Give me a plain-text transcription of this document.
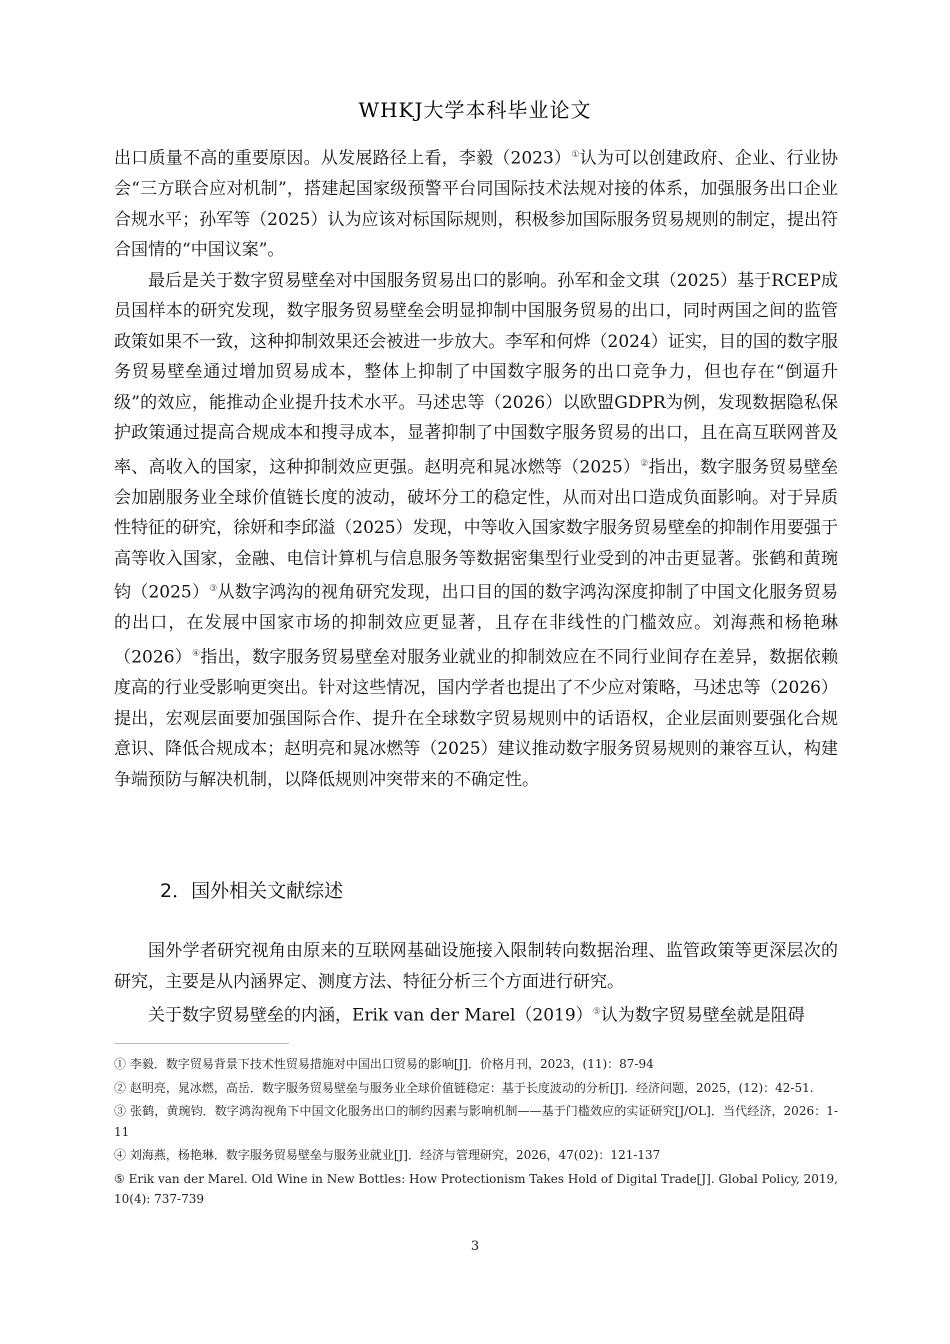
WHKJ大学本科毕业论文

出口质量不高的重要原因。从发展路径上看，李毅（2023）①认为可以创建政府、企业、行业协会“三方联合应对机制”，搭建起国家级预警平台同国际技术法规对接的体系，加强服务出口企业合规水平；孙军等（2025）认为应该对标国际规则，积极参加国际服务贸易规则的制定，提出符合国情的“中国议案”。

最后是关于数字贸易壁垒对中国服务贸易出口的影响。孙军和金文琪（2025）基于RCEP成员国样本的研究发现，数字服务贸易壁垒会明显抑制中国服务贸易的出口，同时两国之间的监管政策如果不一致，这种抑制效果还会被进一步放大。李军和何烨（2024）证实，目的国的数字服务贸易壁垒通过增加贸易成本，整体上抑制了中国数字服务的出口竞争力，但也存在“倒逼升级”的效应，能推动企业提升技术水平。马述忠等（2026）以欧盟GDPR为例，发现数据隐私保护政策通过提高合规成本和搜寻成本，显著抑制了中国数字服务贸易的出口，且在高互联网普及率、高收入的国家，这种抑制效应更强。赵明亮和晁冰燃等（2025）②指出，数字服务贸易壁垒会加剧服务业全球价值链长度的波动，破坏分工的稳定性，从而对出口造成负面影响。对于异质性特征的研究，徐妍和李邱溢（2025）发现，中等收入国家数字服务贸易壁垒的抑制作用要强于高等收入国家，金融、电信计算机与信息服务等数据密集型行业受到的冲击更显著。张鹤和黄琬钧（2025）③从数字鸿沟的视角研究发现，出口目的国的数字鸿沟深度抑制了中国文化服务贸易的出口，在发展中国家市场的抑制效应更显著，且存在非线性的门槛效应。刘海燕和杨艳琳（2026）④指出，数字服务贸易壁垒对服务业就业的抑制效应在不同行业间存在差异，数据依赖度高的行业受影响更突出。针对这些情况，国内学者也提出了不少应对策略，马述忠等（2026）提出，宏观层面要加强国际合作、提升在全球数字贸易规则中的话语权，企业层面则要强化合规意识、降低合规成本；赵明亮和晁冰燃等（2025）建议推动数字服务贸易规则的兼容互认，构建争端预防与解决机制，以降低规则冲突带来的不确定性。

2．国外相关文献综述

国外学者研究视角由原来的互联网基础设施接入限制转向数据治理、监管政策等更深层次的研究，主要是从内涵界定、测度方法、特征分析三个方面进行研究。

关于数字贸易壁垒的内涵，Erik van der Marel（2019）⑤认为数字贸易壁垒就是阻碍

① 李毅．数字贸易背景下技术性贸易措施对中国出口贸易的影响[J]．价格月刊，2023，(11)：87-94
② 赵明亮，晁冰燃，高岳．数字服务贸易壁垒与服务业全球价值链稳定：基于长度波动的分析[J]．经济问题，2025，(12)：42-51.
③ 张鹤，黄琬钧．数字鸿沟视角下中国文化服务出口的制约因素与影响机制——基于门槛效应的实证研究[J/OL]．当代经济，2026：1-11
④ 刘海燕，杨艳琳．数字服务贸易壁垒与服务业就业[J]．经济与管理研究，2026，47(02)：121-137
⑤ Erik van der Marel. Old Wine in New Bottles: How Protectionism Takes Hold of Digital Trade[J]. Global Policy, 2019, 10(4): 737-739
3
